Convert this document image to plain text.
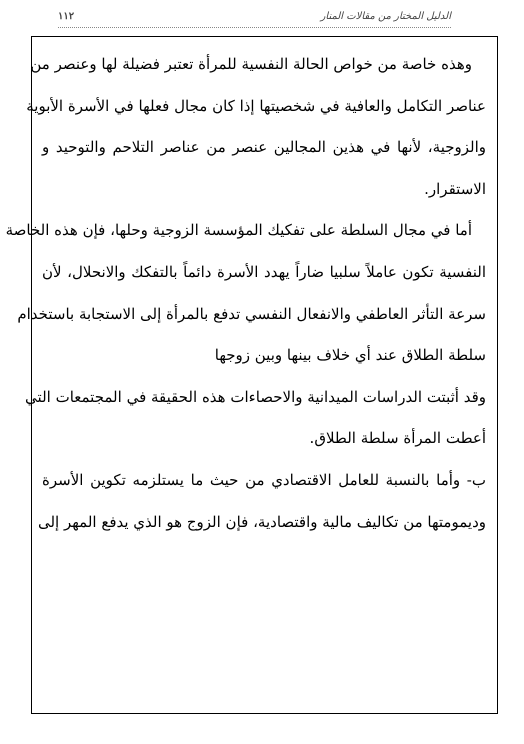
الدليل المختار من مقالات المنار
١١٢
وهذه خاصة من خواص الحالة النفسية للمرأة تعتبر فضيلة لها وعنصر من
عناصر التكامل والعافية في شخصيتها إذا كان مجال فعلها في الأسرة الأبوية
والزوجية، لأنها في هذين المجالين عنصر من عناصر التلاحم والتوحيد و
الاستقرار.
أما في مجال السلطة على تفكيك المؤسسة الزوجية وحلها، فإن هذه الخاصة
النفسية تكون عاملاً سلبيا ضاراً يهدد الأسرة دائماً بالتفكك والانحلال، لأن
سرعة التأثر العاطفي والانفعال النفسي تدفع بالمرأة إلى الاستجابة باستخدام
سلطة الطلاق عند أي خلاف بينها وبين زوجها
وقد أثبتت الدراسات الميدانية والاحصاءات هذه الحقيقة في المجتمعات التي
أعطت المرأة سلطة الطلاق.
ب- وأما بالنسبة للعامل الاقتصادي من حيث ما يستلزمه تكوين الأسرة
وديمومتها من تكاليف مالية واقتصادية، فإن الزوج هو الذي يدفع المهر إلى
